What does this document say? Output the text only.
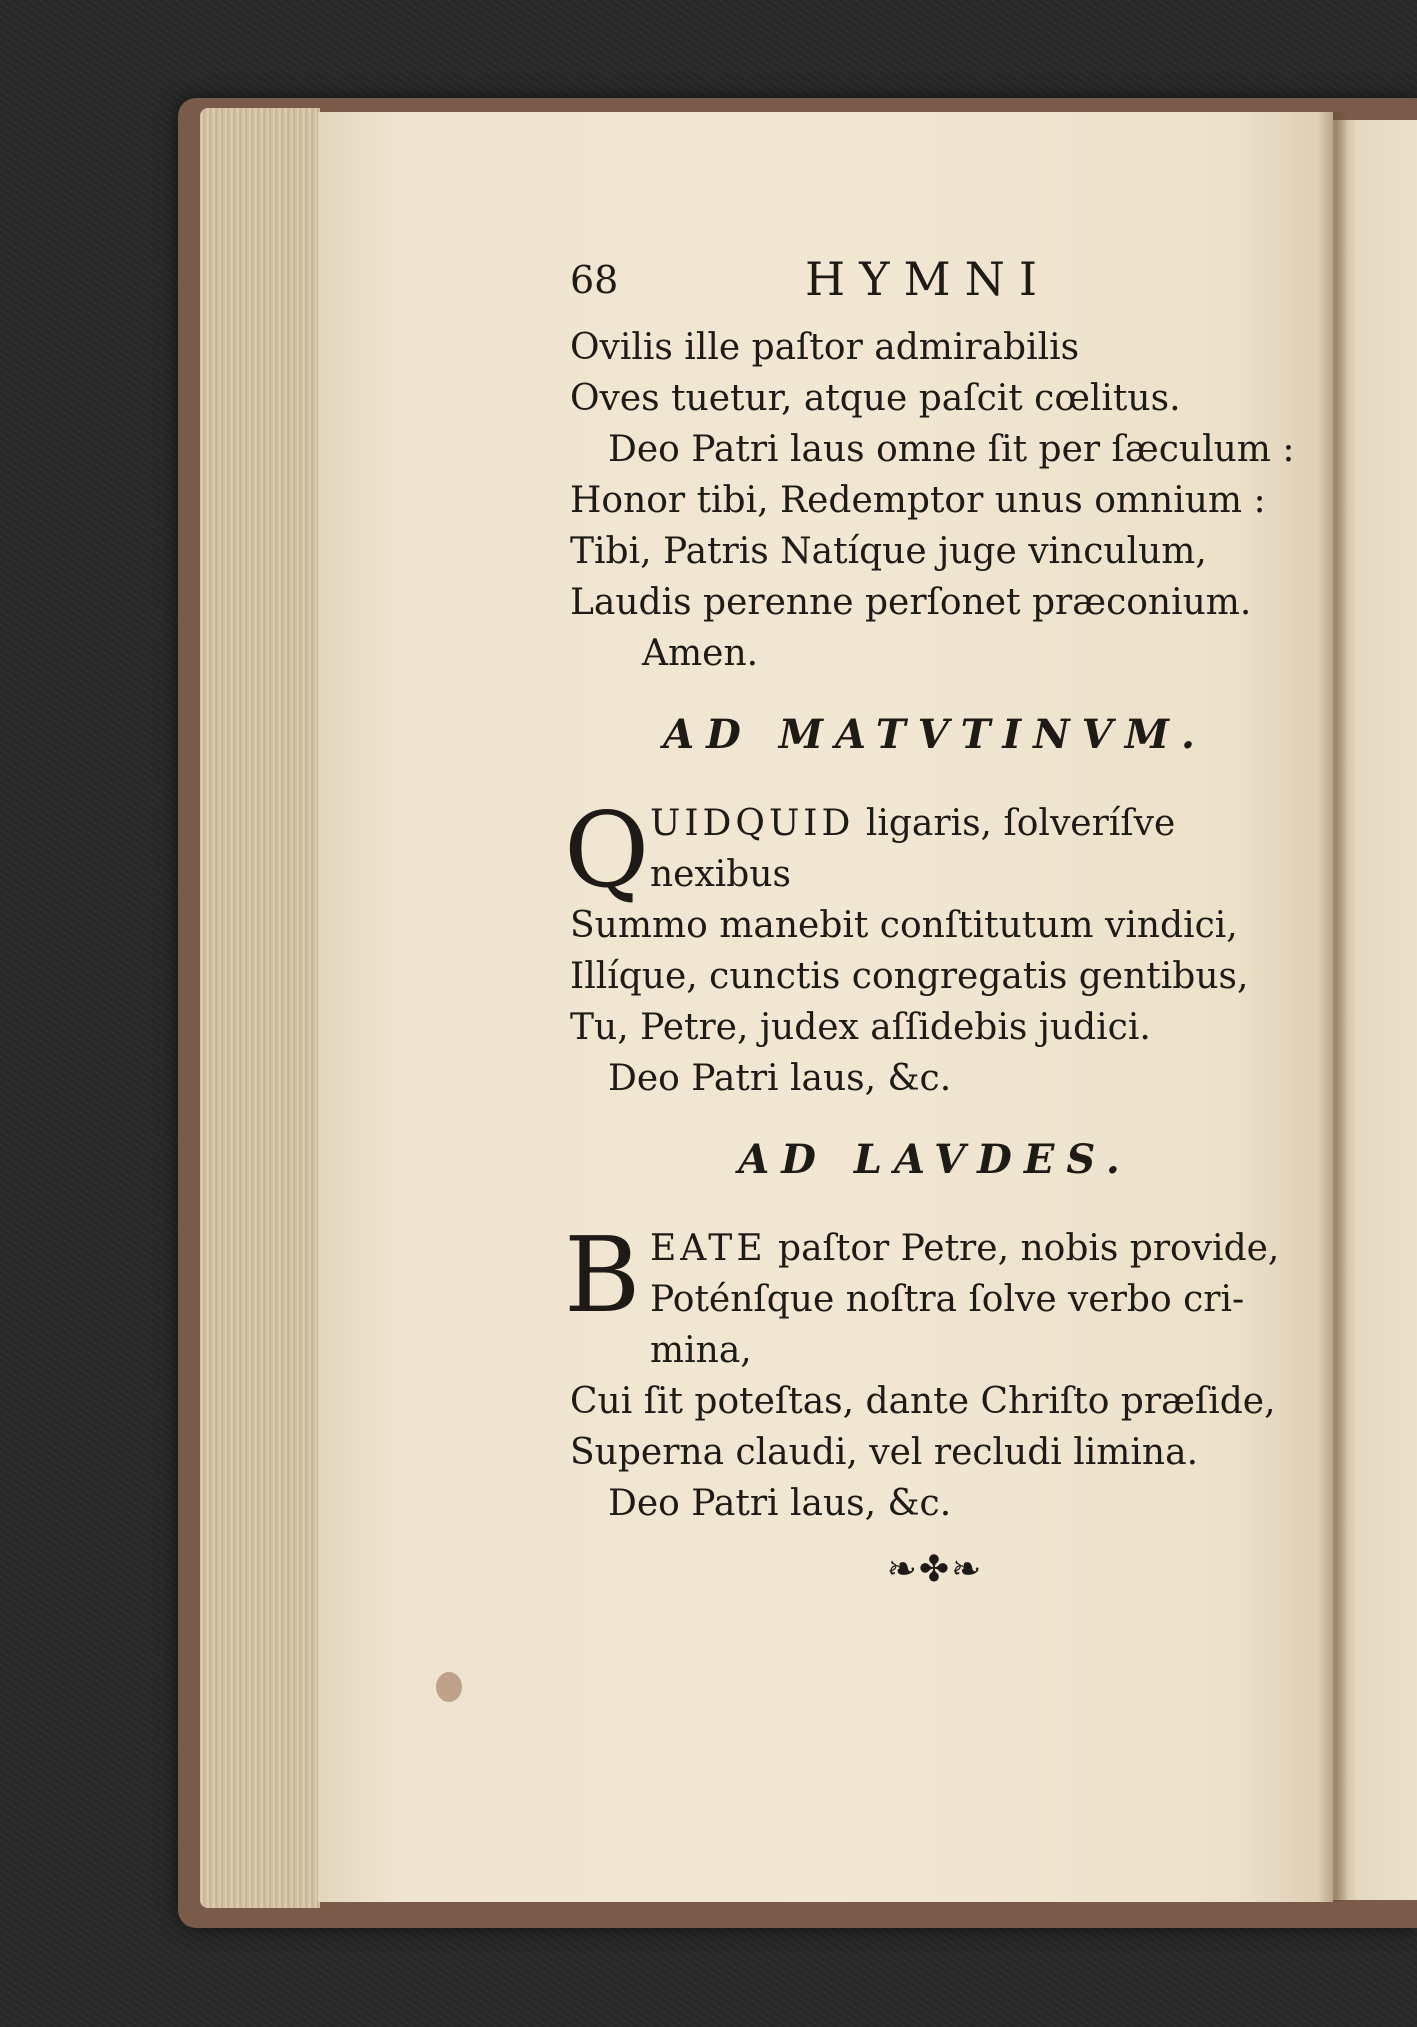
68	HYMNI
Ovilis ille paſtor admirabilis
Oves tuetur, atque paſcit cœlitus.
Deo Patri laus omne ſit per ſæculum :
Honor tibi, Redemptor unus omnium :
Tibi, Patris Natíque juge vinculum,
Laudis perenne perſonet præconium.
Amen.
AD MATVTINVM.
Q UIDQUID ligaris, ſolveríſve
nexibus
Summo manebit conſtitutum vindici,
Illíque, cunctis congregatis gentibus,
Tu, Petre, judex aſſidebis judici.
Deo Patri laus, &c.
AD LAVDES.
B EATE paſtor Petre, nobis provide,
Poténſque noſtra ſolve verbo cri-
mina,
Cui ſit poteſtas, dante Chriſto præſide,
Superna claudi, vel recludi limina.
Deo Patri laus, &c.
❧✤❧
